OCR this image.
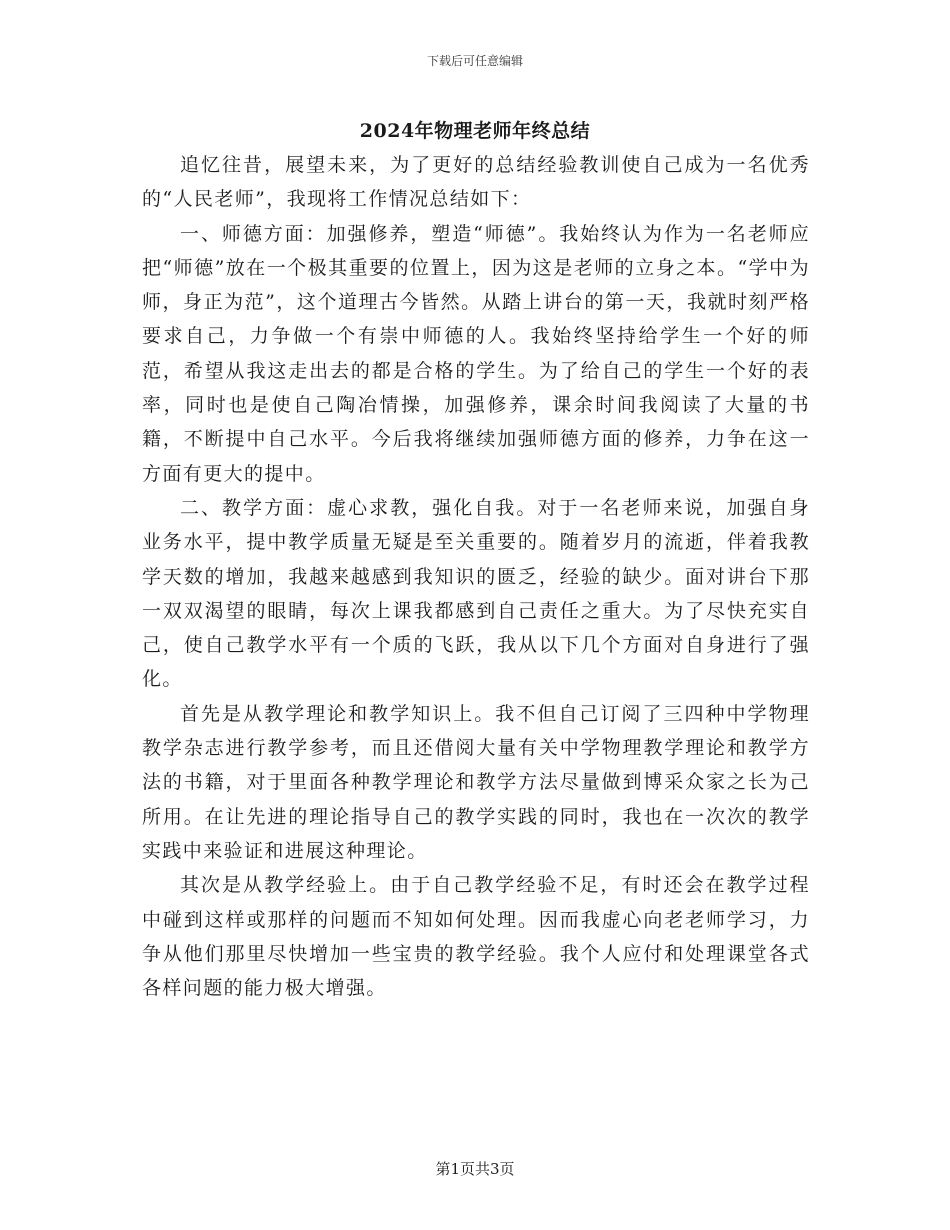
下载后可任意编辑
2024年物理老师年终总结

追忆往昔，展望未来，为了更好的总结经验教训使自己成为一名优秀的“人民老师”，我现将工作情况总结如下：

一、师德方面：加强修养，塑造“师德”。我始终认为作为一名老师应把“师德”放在一个极其重要的位置上，因为这是老师的立身之本。“学中为师，身正为范”，这个道理古今皆然。从踏上讲台的第一天，我就时刻严格要求自己，力争做一个有崇中师德的人。我始终坚持给学生一个好的师范，希望从我这走出去的都是合格的学生。为了给自己的学生一个好的表率，同时也是使自己陶冶情操，加强修养，课余时间我阅读了大量的书籍，不断提中自己水平。今后我将继续加强师德方面的修养，力争在这一方面有更大的提中。

二、教学方面：虚心求教，强化自我。对于一名老师来说，加强自身业务水平，提中教学质量无疑是至关重要的。随着岁月的流逝，伴着我教学天数的增加，我越来越感到我知识的匮乏，经验的缺少。面对讲台下那一双双渴望的眼睛，每次上课我都感到自己责任之重大。为了尽快充实自己，使自己教学水平有一个质的飞跃，我从以下几个方面对自身进行了强化。

首先是从教学理论和教学知识上。我不但自己订阅了三四种中学物理教学杂志进行教学参考，而且还借阅大量有关中学物理教学理论和教学方法的书籍，对于里面各种教学理论和教学方法尽量做到博采众家之长为己所用。在让先进的理论指导自己的教学实践的同时，我也在一次次的教学实践中来验证和进展这种理论。

其次是从教学经验上。由于自己教学经验不足，有时还会在教学过程中碰到这样或那样的问题而不知如何处理。因而我虚心向老老师学习，力争从他们那里尽快增加一些宝贵的教学经验。我个人应付和处理课堂各式各样问题的能力极大增强。

第1页共3页
